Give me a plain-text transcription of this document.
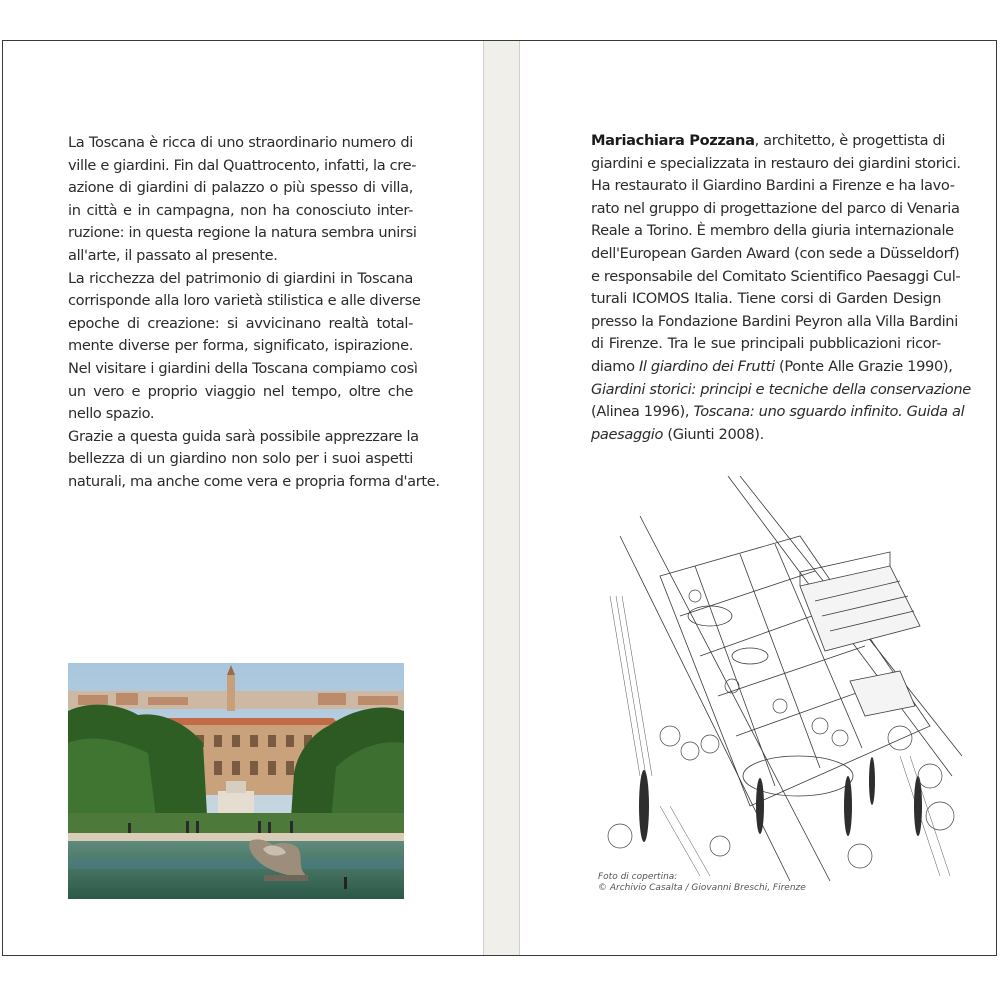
La Toscana è ricca di uno straordinario numero di
ville e giardini. Fin dal Quattrocento, infatti, la cre-
azione di giardini di palazzo o più spesso di villa,
in città e in campagna, non ha conosciuto inter-
ruzione: in questa regione la natura sembra unirsi
all'arte, il passato al presente.
La ricchezza del patrimonio di giardini in Toscana
corrisponde alla loro varietà stilistica e alle diverse
epoche di creazione: si avvicinano realtà total-
mente diverse per forma, significato, ispirazione.
Nel visitare i giardini della Toscana compiamo così
un vero e proprio viaggio nel tempo, oltre che
nello spazio.
Grazie a questa guida sarà possibile apprezzare la
bellezza di un giardino non solo per i suoi aspetti
naturali, ma anche come vera e propria forma d'arte.
Mariachiara Pozzana, architetto, è progettista di
giardini e specializzata in restauro dei giardini storici.
Ha restaurato il Giardino Bardini a Firenze e ha lavo-
rato nel gruppo di progettazione del parco di Venaria
Reale a Torino. È membro della giuria internazionale
dell'European Garden Award (con sede a Düsseldorf)
e responsabile del Comitato Scientifico Paesaggi Cul-
turali ICOMOS Italia. Tiene corsi di Garden Design
presso la Fondazione Bardini Peyron alla Villa Bardini
di Firenze. Tra le sue principali pubblicazioni ricor-
diamo Il giardino dei Frutti (Ponte Alle Grazie 1990),
Giardini storici: principi e tecniche della conservazione
(Alinea 1996), Toscana: uno sguardo infinito. Guida al
paesaggio (Giunti 2008).
Foto di copertina:
© Archivio Casalta / Giovanni Breschi, Firenze
